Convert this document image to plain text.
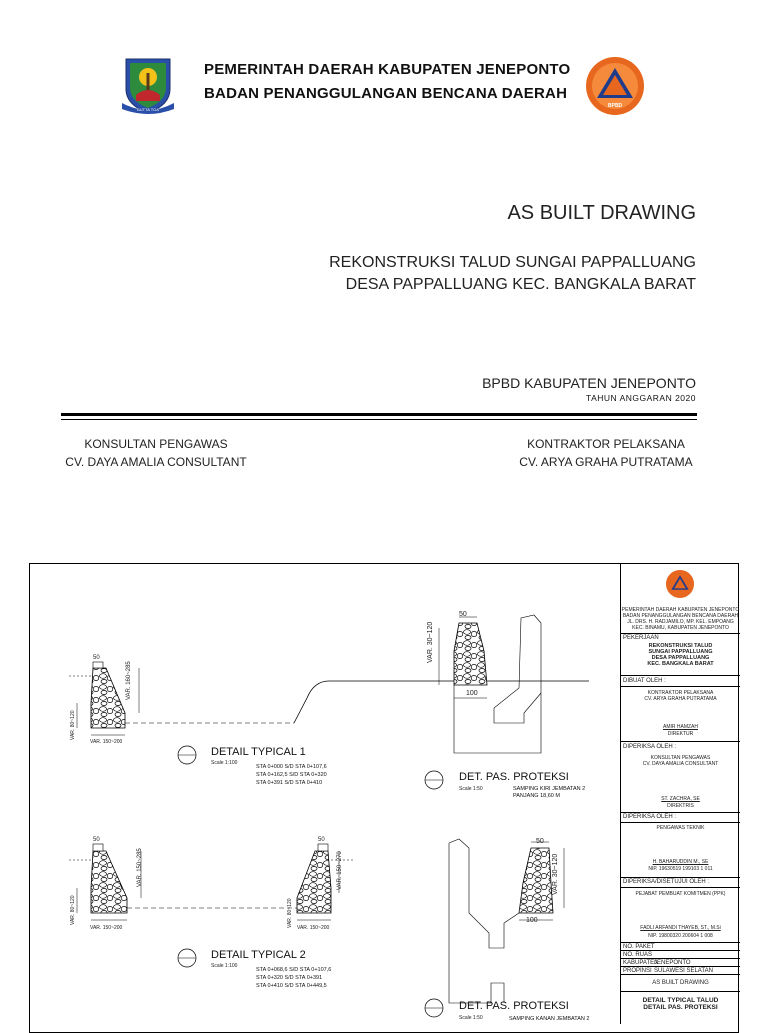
BUTTA TOA
PEMERINTAH DAERAH KABUPATEN JENEPONTO
BADAN PENANGGULANGAN BENCANA DAERAH
BPBD
AS BUILT DRAWING
REKONSTRUKSI TALUD SUNGAI PAPPALLUANG
DESA PAPPALLUANG KEC. BANGKALA BARAT
BPBD KABUPATEN JENEPONTO
TAHUN ANGGARAN 2020
KONSULTAN PENGAWAS
CV. DAYA AMALIA CONSULTANT
KONTRAKTOR PELAKSANA
CV. ARYA GRAHA PUTRATAMA
50
VAR. 160~285
VAR. 80~120
VAR. 150~200
DETAIL TYPICAL 1
Scale 1:100
STA 0+000 S/D STA 0+107,6
STA 0+162,5 S/D STA 0+320
STA 0+391 S/D STA 0+410
50
VAR. 150~285
VAR. 80~120
VAR. 150~200
50
VAR. 150~270
VAR. 80~120 VAR. 150~200
DETAIL TYPICAL 2
Scale 1:100
STA 0+068,6 S/D STA 0+107,6
STA 0+320 S/D STA 0+391
STA 0+410 S/D STA 0+449,5
50
VAR. 30~120
100
DET. PAS. PROTEKSI
Scale 1:50	SAMPING KIRI JEMBATAN 2
PANJANG 18,60 M
50
VAR. 30~120
100
DET. PAS. PROTEKSI
Scale 1:50	SAMPING KANAN JEMBATAN 2
PEMERINTAH DAERAH KABUPATEN JENEPONTO
BADAN PENANGGULANGAN BENCANA DAERAH
JL. DRS. H. RADJAMILO, MP. KEL. EMPOANG
KEC. BINAMU, KABUPATEN JENEPONTO
PEKERJAAN
REKONSTRUKSI TALUD
SUNGAI PAPPALLUANG
DESA PAPPALLUANG
KEC. BANGKALA BARAT
DIBUAT OLEH :
KONTRAKTOR PELAKSANA
CV. ARYA GRAHA PUTRATAMA
AMIR HAMZAH
DIREKTUR
DIPERIKSA OLEH :
KONSULTAN PENGAWAS
CV. DAYA AMALIA CONSULTANT
ST. ZACHRA, SE
DIREKTRIS
DIPERIKSA OLEH :
PENGAWAS TEKNIK
H. BAHARUDDIN M., SE
NIP. 19630519 199103 1 011
DIPERIKSA/DISETUJUI OLEH :
PEJABAT PEMBUAT KOMITMEN (PPK)
FADLI ARFANDI THAYEB, ST., M.Si
NIP. 19800320 200604 1 008
NO. PAKET
NO. RUAS
KABUPATEN
JENEPONTO
PROPINSI SULAWESI SELATAN
AS BUILT DRAWING
DETAIL TYPICAL TALUD
DETAIL PAS. PROTEKSI
